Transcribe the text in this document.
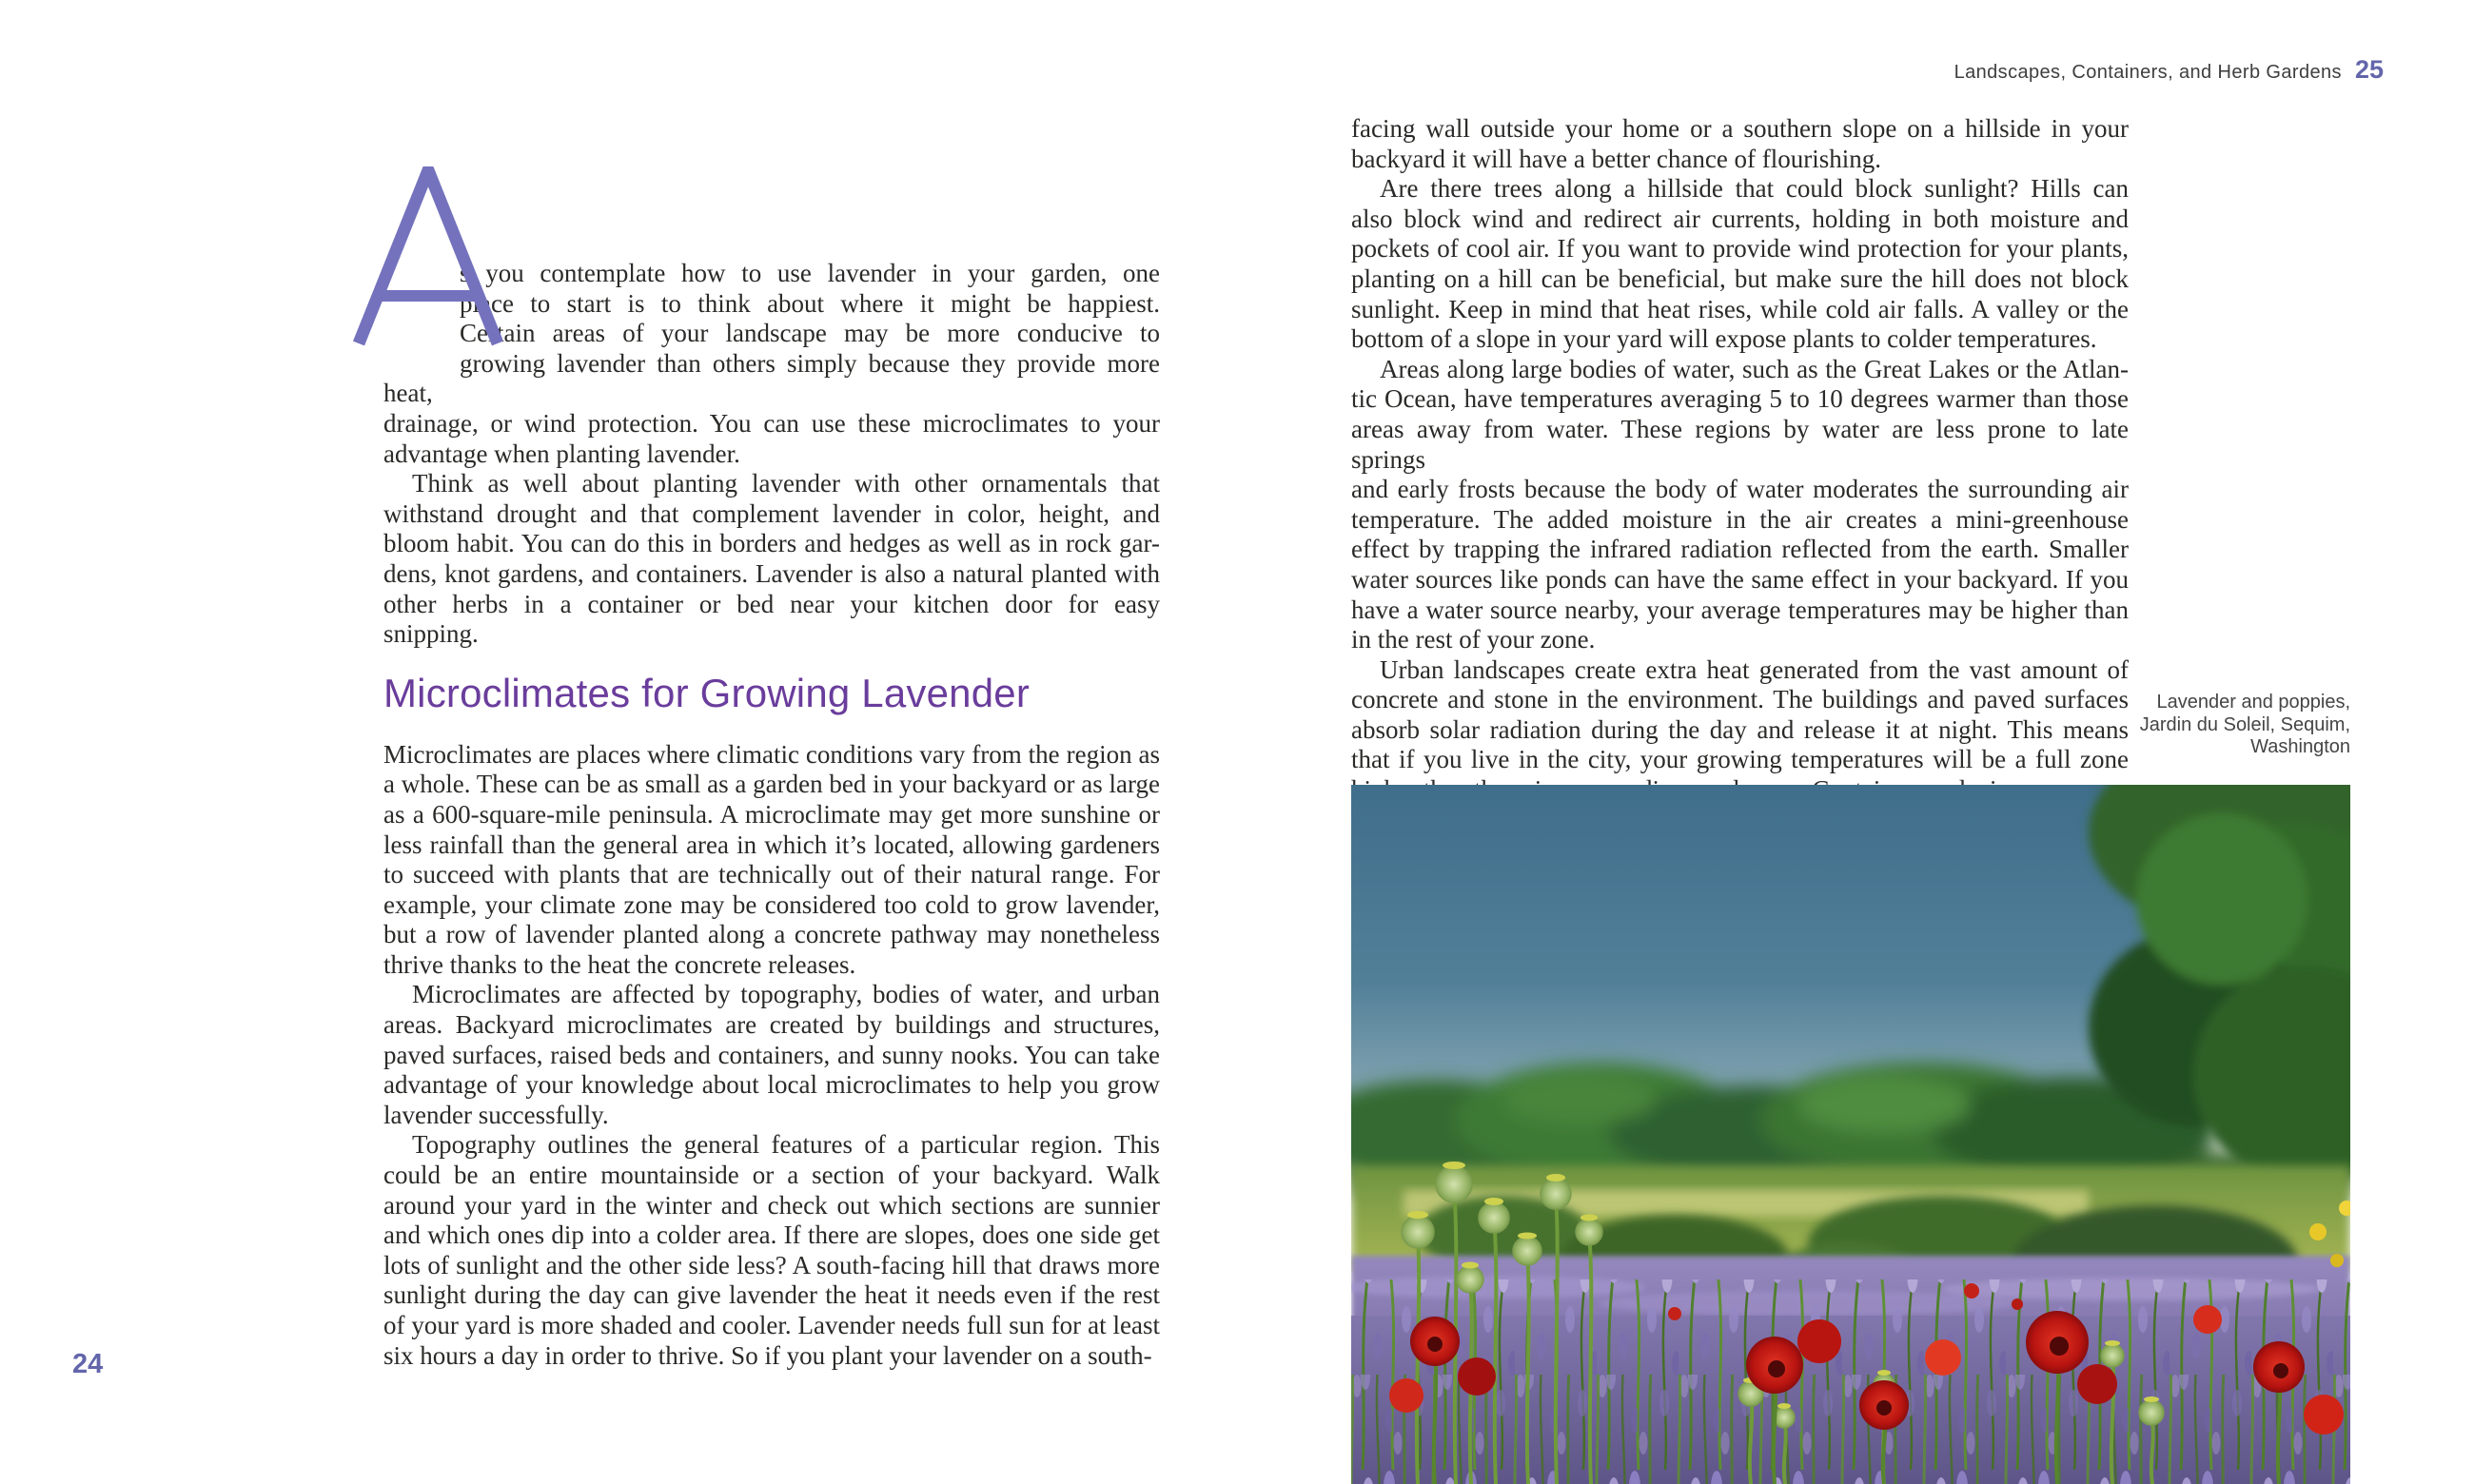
Landscapes, Containers, and Herb Gardens 25
s you contemplate how to use lavender in your garden, one
place to start is to think about where it might be happiest.
Certain areas of your landscape may be more conducive to
growing lavender than others simply because they provide more heat,
drainage, or wind protection. You can use these microclimates to your
advantage when planting lavender.
Think as well about planting lavender with other ornamentals that
withstand drought and that complement lavender in color, height, and
bloom habit. You can do this in borders and hedges as well as in rock gar-
dens, knot gardens, and containers. Lavender is also a natural planted with
other herbs in a container or bed near your kitchen door for easy
snipping.
Microclimates for Growing Lavender
Microclimates are places where climatic conditions vary from the region as
a whole. These can be as small as a garden bed in your backyard or as large
as a 600-square-mile peninsula. A microclimate may get more sunshine or
less rainfall than the general area in which it’s located, allowing gardeners
to succeed with plants that are technically out of their natural range. For
example, your climate zone may be considered too cold to grow lavender,
but a row of lavender planted along a concrete pathway may nonetheless
thrive thanks to the heat the concrete releases.
Microclimates are affected by topography, bodies of water, and urban
areas. Backyard microclimates are created by buildings and structures,
paved surfaces, raised beds and containers, and sunny nooks. You can take
advantage of your knowledge about local microclimates to help you grow
lavender successfully.
Topography outlines the general features of a particular region. This
could be an entire mountainside or a section of your backyard. Walk
around your yard in the winter and check out which sections are sunnier
and which ones dip into a colder area. If there are slopes, does one side get
lots of sunlight and the other side less? A south-facing hill that draws more
sunlight during the day can give lavender the heat it needs even if the rest
of your yard is more shaded and cooler. Lavender needs full sun for at least
six hours a day in order to thrive. So if you plant your lavender on a south-
facing wall outside your home or a southern slope on a hillside in your
backyard it will have a better chance of flourishing.
Are there trees along a hillside that could block sunlight? Hills can
also block wind and redirect air currents, holding in both moisture and
pockets of cool air. If you want to provide wind protection for your plants,
planting on a hill can be beneficial, but make sure the hill does not block
sunlight. Keep in mind that heat rises, while cold air falls. A valley or the
bottom of a slope in your yard will expose plants to colder temperatures.
Areas along large bodies of water, such as the Great Lakes or the Atlan-
tic Ocean, have temperatures averaging 5 to 10 degrees warmer than those
areas away from water. These regions by water are less prone to late springs
and early frosts because the body of water moderates the surrounding air
temperature. The added moisture in the air creates a mini-greenhouse
effect by trapping the infrared radiation reflected from the earth. Smaller
water sources like ponds can have the same effect in your backyard. If you
have a water source nearby, your average temperatures may be higher than
in the rest of your zone.
Urban landscapes create extra heat generated from the vast amount of
concrete and stone in the environment. The buildings and paved surfaces
absorb solar radiation during the day and release it at night. This means
that if you live in the city, your growing temperatures will be a full zone
Lavender and poppies,
Jardin du Soleil, Sequim,
Washington
24
